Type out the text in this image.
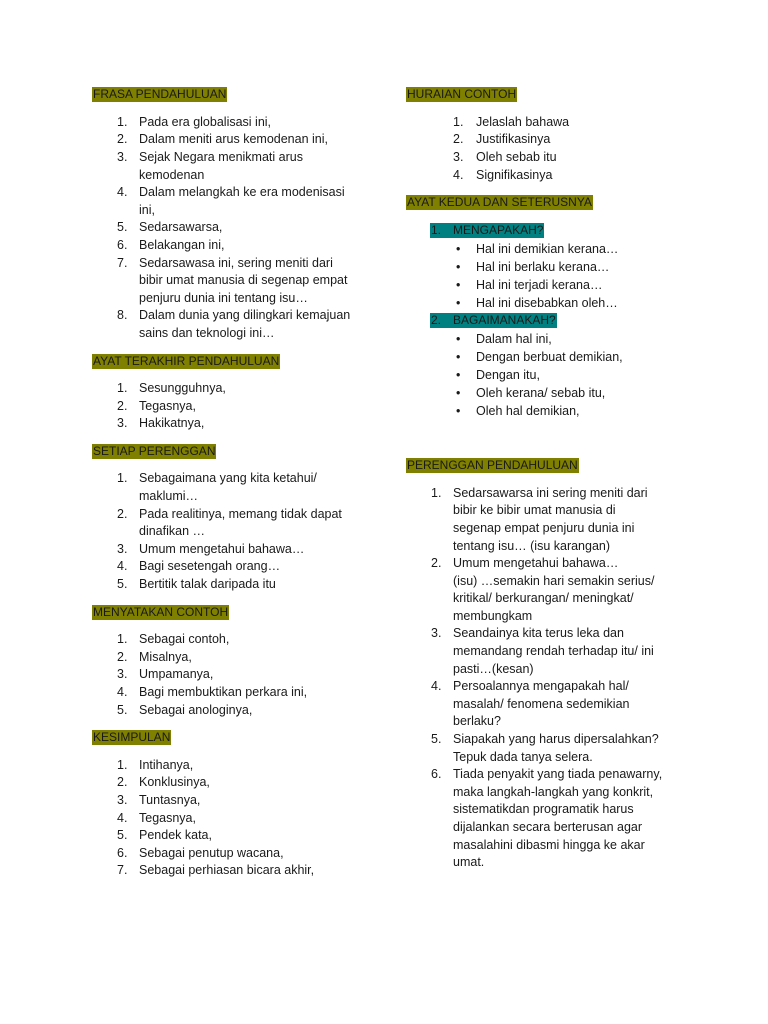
FRASA PENDAHULUAN
1. Pada era globalisasi ini,
2. Dalam meniti arus kemodenan ini,
3. Sejak Negara menikmati arus
kemodenan
4. Dalam melangkah ke era modenisasi
ini,
5. Sedarsawarsa,
6. Belakangan ini,
7. Sedarsawasa ini, sering meniti dari
bibir umat manusia di segenap empat
penjuru dunia ini tentang isu…
8. Dalam dunia yang dilingkari kemajuan
sains dan teknologi ini…
AYAT TERAKHIR PENDAHULUAN
1. Sesungguhnya,
2. Tegasnya,
3. Hakikatnya,
SETIAP PERENGGAN
1. Sebagaimana yang kita ketahui/
maklumi…
2. Pada realitinya, memang tidak dapat
dinafikan …
3. Umum mengetahui bahawa…
4. Bagi sesetengah orang…
5. Bertitik talak daripada itu
MENYATAKAN CONTOH
1. Sebagai contoh,
2. Misalnya,
3. Umpamanya,
4. Bagi membuktikan perkara ini,
5. Sebagai anologinya,
KESIMPULAN
1. Intihanya,
2. Konklusinya,
3. Tuntasnya,
4. Tegasnya,
5. Pendek kata,
6. Sebagai penutup wacana,
7. Sebagai perhiasan bicara akhir,
HURAIAN CONTOH
1. Jelaslah bahawa
2. Justifikasinya
3. Oleh sebab itu
4. Signifikasinya
AYAT KEDUA DAN SETERUSNYA
1. MENGAPAKAH?
• Hal ini demikian kerana…
• Hal ini berlaku kerana…
• Hal ini terjadi kerana…
• Hal ini disebabkan oleh…
2. BAGAIMANAKAH?
• Dalam hal ini,
• Dengan berbuat demikian,
• Dengan itu,
• Oleh kerana/ sebab itu,
• Oleh hal demikian,
PERENGGAN PENDAHULUAN
1. Sedarsawarsa ini sering meniti dari
bibir ke bibir umat manusia di
segenap empat penjuru dunia ini
tentang isu… (isu karangan)
2. Umum mengetahui bahawa…
(isu) …semakin hari semakin serius/
kritikal/ berkurangan/ meningkat/
membungkam
3. Seandainya kita terus leka dan
memandang rendah terhadap itu/ ini
pasti…(kesan)
4. Persoalannya mengapakah hal/
masalah/ fenomena sedemikian
berlaku?
5. Siapakah yang harus dipersalahkan?
Tepuk dada tanya selera.
6. Tiada penyakit yang tiada penawarny,
maka langkah-langkah yang konkrit,
sistematikdan programatik harus
dijalankan secara berterusan agar
masalahini dibasmi hingga ke akar
umat.
